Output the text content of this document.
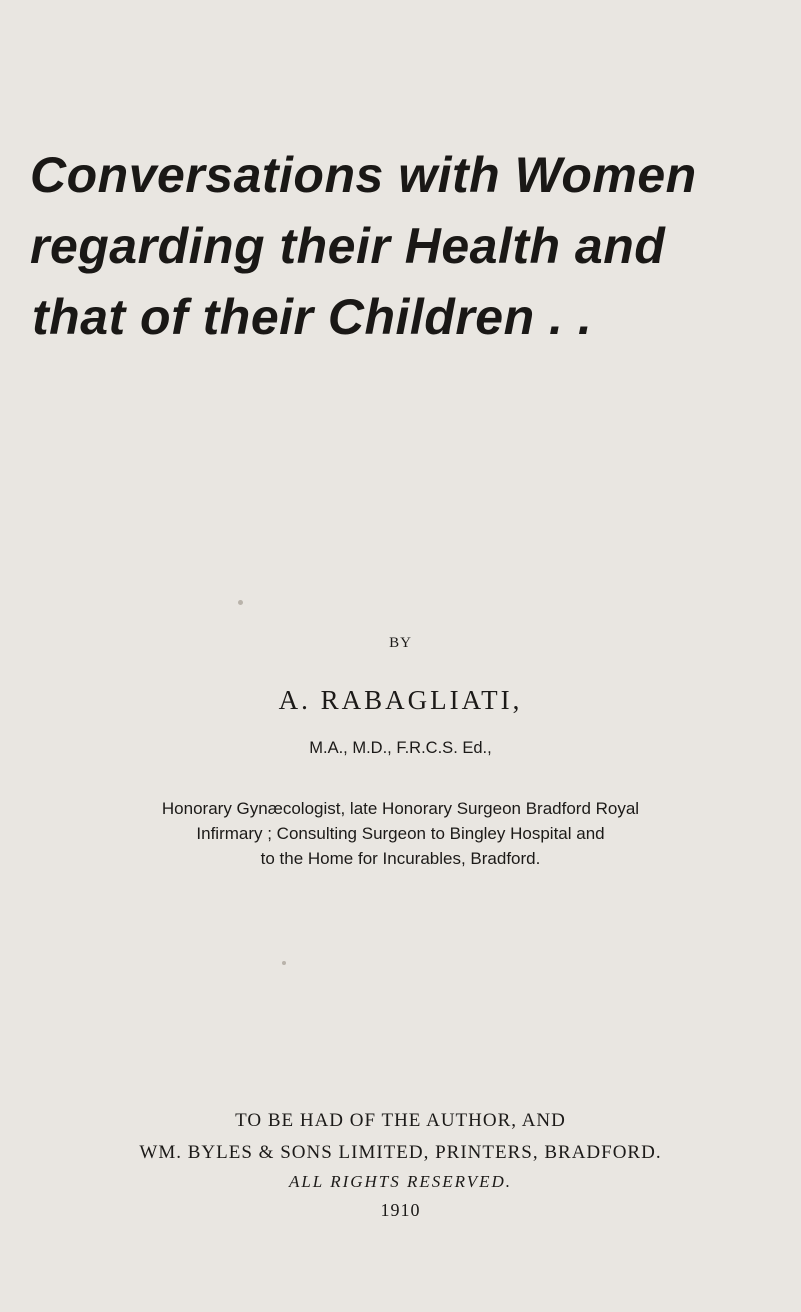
Conversations with Women
regarding their Health and
that of their Children . .
BY
A. RABAGLIATI,
M.A., M.D., F.R.C.S. Ed.,
Honorary Gynæcologist, late Honorary Surgeon Bradford Royal
Infirmary ; Consulting Surgeon to Bingley Hospital and
to the Home for Incurables, Bradford.
TO BE HAD OF THE AUTHOR, AND
WM. BYLES & SONS LIMITED, PRINTERS, BRADFORD.
ALL RIGHTS RESERVED.
1910
